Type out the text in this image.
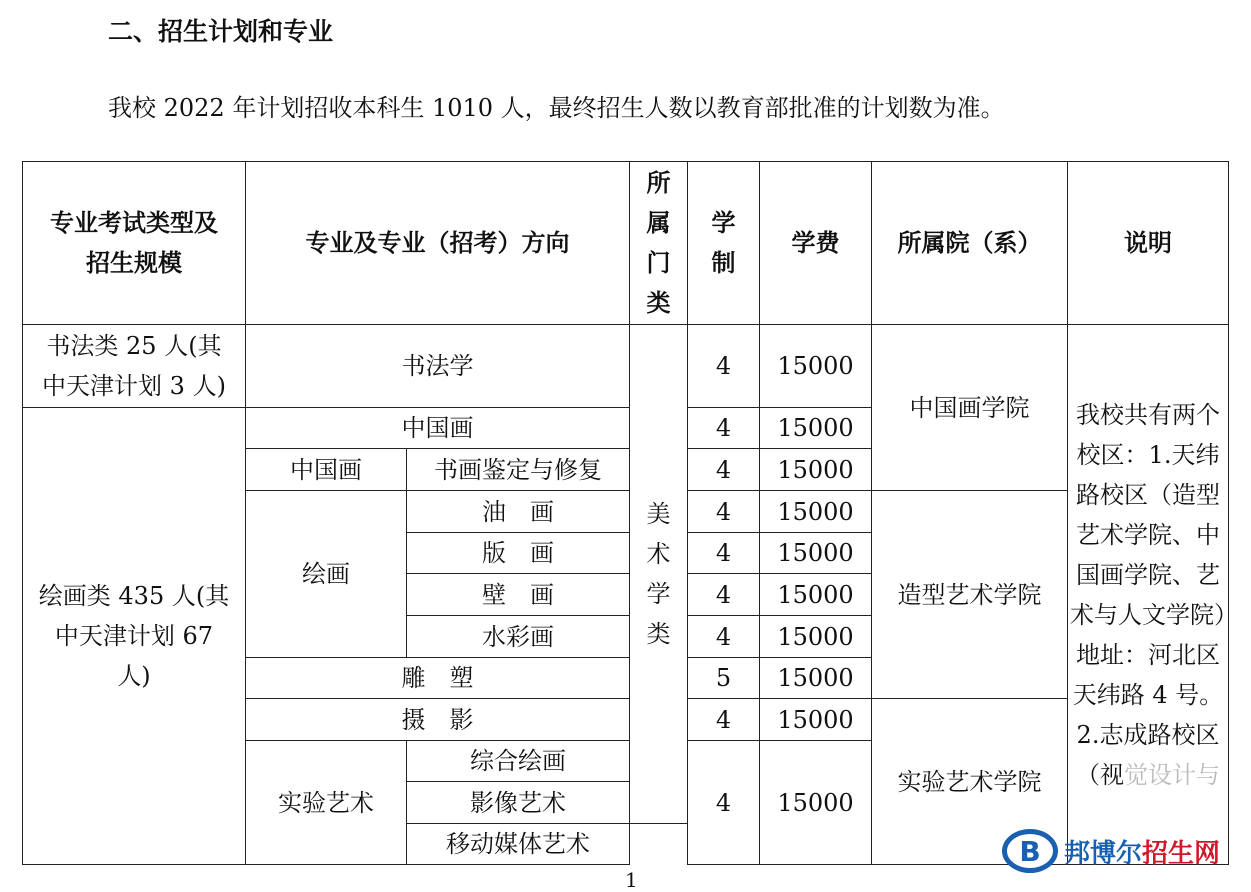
二、招生计划和专业
我校 2022 年计划招收本科生 1010 人，最终招生人数以教育部批准的计划数为准。
专业考试类型及
招生规模	专业及专业（招考）方向		所属门类	学制	学费	所属院（系）	说明

书法类 25 人(其
中天津计划 3 人)	书法学		美术学类	4	15000	中国画学院	我校共有两个校区：1.天纬路校区（造型艺术学院、中国画学院、艺术与人文学院）地址：河北区天纬路 4 号。2.志成路校区（视觉设计与

绘画类 435 人(其
中天津计划 67
人)	中国画			4	15000		
	中国画	书画鉴定与修复		4	15000		
	绘画	油　画		4	15000	造型艺术学院	
		版　画		4	15000		
		壁　画		4	15000		
		水彩画		4	15000		
	雕　塑			5	15000		
	摄　影			4	15000	实验艺术学院	
	实验艺术	综合绘画		4	15000		
		影像艺术					
		移动媒体艺术					
1
B 邦博尔招生网
